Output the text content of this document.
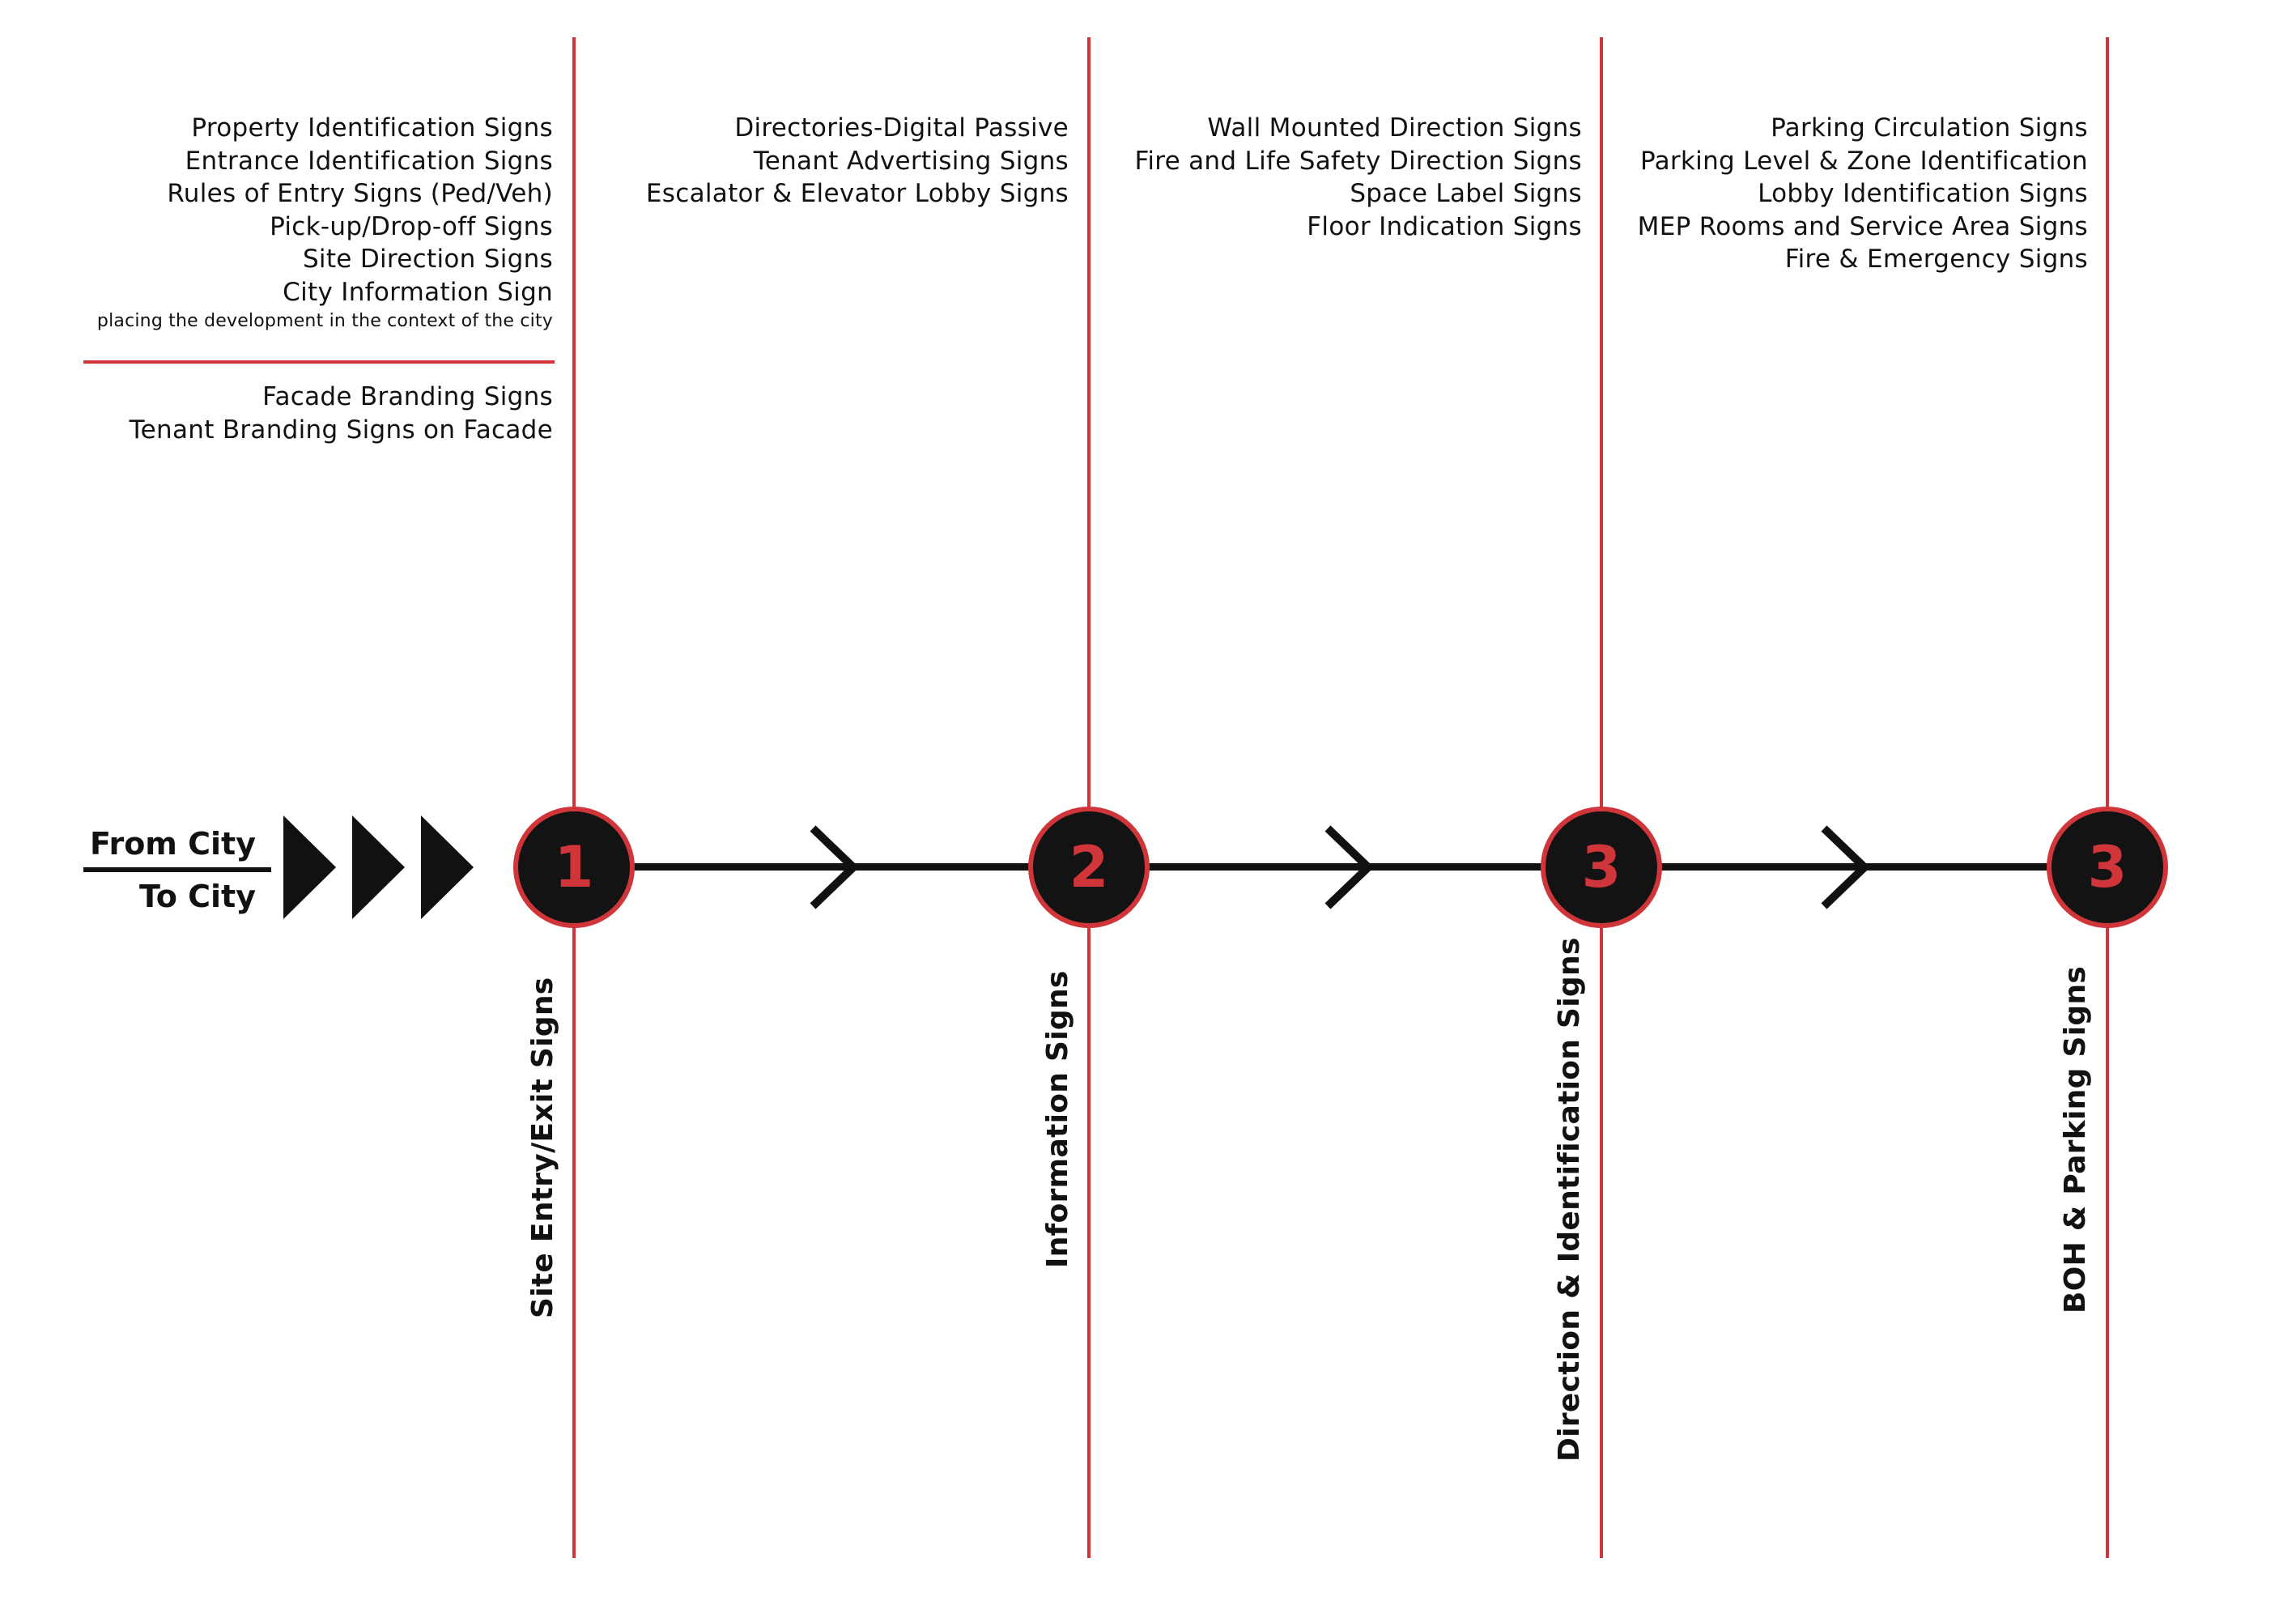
Property Identification Signs
Entrance Identification Signs
Rules of Entry Signs (Ped/Veh)
Pick-up/Drop-off Signs
Site Direction Signs
City Information Sign
placing the development in the context of the city
Facade Branding Signs
Tenant Branding Signs on Facade
Directories-Digital Passive
Tenant Advertising Signs
Escalator & Elevator Lobby Signs
Wall Mounted Direction Signs
Fire and Life Safety Direction Signs
Space Label Signs
Floor Indication Signs
Parking Circulation Signs
Parking Level & Zone Identification
Lobby Identification Signs
MEP Rooms and Service Area Signs
Fire & Emergency Signs
From City
To City	1	2	3	3
Site Entry/Exit Signs	Information Signs	Direction & Identification Signs	BOH & Parking Signs
